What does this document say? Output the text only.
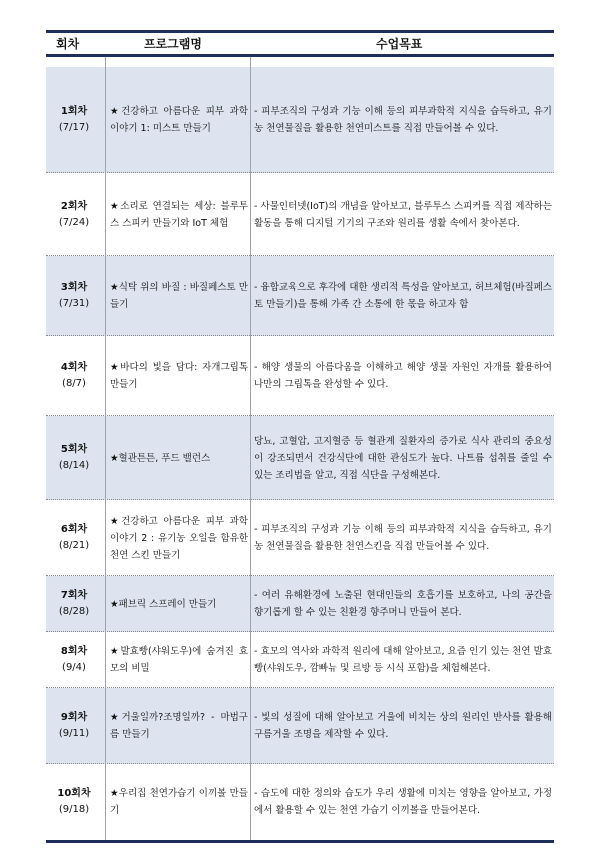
회차	프로그램명	수업목표
1회차
(7/17)
★건강하고 아름다운 피부 과학 이야기 1: 미스트 만들기
- 피부조직의 구성과 기능 이해 등의 피부과학적 지식을 습득하고, 유기농 천연물질을 활용한 천연미스트를 직접 만들어볼 수 있다.
2회차
(7/24)
★소리로 연결되는 세상: 블루투스 스피커 만들기와 IoT 체험
- 사물인터넷(IoT)의 개념을 알아보고, 블루투스 스피커를 직접 제작하는 활동을 통해 디지털 기기의 구조와 원리를 생활 속에서 찾아본다.
3회차
(7/31)
★식탁 위의 바질 : 바질페스토 만들기
- 융합교육으로 후각에 대한 생리적 특성을 알아보고, 허브체험(바질페스토 만들기)을 통해 가족 간 소통에 한 몫을 하고자 함
4회차
(8/7)
★바다의 빛을 담다: 자개그립톡 만들기
- 해양 생물의 아름다움을 이해하고 해양 생물 자원인 자개를 활용하여 나만의 그립톡을 완성할 수 있다.
5회차
(8/14)
★혈관튼튼, 푸드 밸런스
당뇨, 고혈압, 고지혈증 등 혈관계 질환자의 증가로 식사 관리의 중요성이 강조되면서 건강식단에 대한 관심도가 높다. 나트륨 섭취를 줄일 수 있는 조리법을 알고, 직접 식단을 구성해본다.
6회차
(8/21)
★건강하고 아름다운 피부 과학 이야기 2 : 유기농 오일을 함유한 천연 스킨 만들기
- 피부조직의 구성과 기능 이해 등의 피부과학적 지식을 습득하고, 유기농 천연물질을 활용한 천연스킨을 직접 만들어볼 수 있다.
7회차
(8/28)
★패브릭 스프레이 만들기
- 여러 유해환경에 노출된 현대인들의 호흡기를 보호하고, 나의 공간을 향기롭게 할 수 있는 친환경 향주머니 만들어 본다.
8회차
(9/4)
★발효빵(샤워도우)에 숨겨진 효모의 비밀
- 효모의 역사와 과학적 원리에 대해 알아보고, 요즘 인기 있는 천연 발효빵(샤워도우, 깜빠뉴 및 르방 등 시식 포함)을 체험해본다.
9회차
(9/11)
★거울일까?조명일까? - 마법구름 만들기
- 빛의 성질에 대해 알아보고 거울에 비치는 상의 원리인 반사를 활용해 구름거울 조명을 제작할 수 있다.
10회차
(9/18)
★우리집 천연가습기 이끼볼 만들기
- 습도에 대한 정의와 습도가 우리 생활에 미치는 영향을 알아보고, 가정에서 활용할 수 있는 천연 가습기 이끼볼을 만들어본다.
